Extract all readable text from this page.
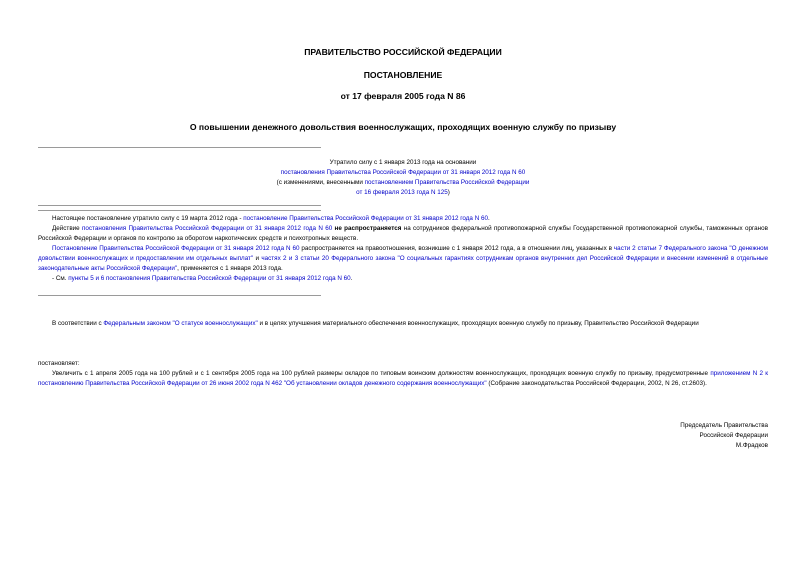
ПРАВИТЕЛЬСТВО РОССИЙСКОЙ ФЕДЕРАЦИИ
ПОСТАНОВЛЕНИЕ
от 17 февраля 2005 года N 86
О повышении денежного довольствия военнослужащих, проходящих военную службу по призыву
Утратило силу с 1 января 2013 года на основании
постановления Правительства Российской Федерации от 31 января 2012 года N 60
(с изменениями, внесенными постановлением Правительства Российской Федерации
от 16 февраля 2013 года N 125)
Настоящее постановление утратило силу с 19 марта 2012 года - постановление Правительства Российской Федерации от 31 января 2012 года N 60.
Действие постановления Правительства Российской Федерации от 31 января 2012 года N 60 не распространяется на сотрудников федеральной противопожарной службы Государственной противопожарной службы, таможенных органов Российской Федерации и органов по контролю за оборотом наркотических средств и психотропных веществ.
Постановление Правительства Российской Федерации от 31 января 2012 года N 60 распространяется на правоотношения, возникшие с 1 января 2012 года, а в отношении лиц, указанных в части 2 статьи 7 Федерального закона "О денежном довольствии военнослужащих и предоставлении им отдельных выплат" и частях 2 и 3 статьи 20 Федерального закона "О социальных гарантиях сотрудникам органов внутренних дел Российской Федерации и внесении изменений в отдельные законодательные акты Российской Федерации", применяется с 1 января 2013 года.
- См. пункты 5 и 6 постановления Правительства Российской Федерации от 31 января 2012 года N 60.
В соответствии с Федеральным законом "О статусе военнослужащих" и в целях улучшения материального обеспечения военнослужащих, проходящих военную службу по призыву, Правительство Российской Федерации
постановляет:
Увеличить с 1 апреля 2005 года на 100 рублей и с 1 сентября 2005 года на 100 рублей размеры окладов по типовым воинским должностям военнослужащих, проходящих военную службу по призыву, предусмотренные приложением N 2 к постановлению Правительства Российской Федерации от 26 июня 2002 года N 462 "Об установлении окладов денежного содержания военнослужащих" (Собрание законодательства Российской Федерации, 2002, N 26, ст.2603).
Председатель Правительства
Российской Федерации
М.Фрадков
